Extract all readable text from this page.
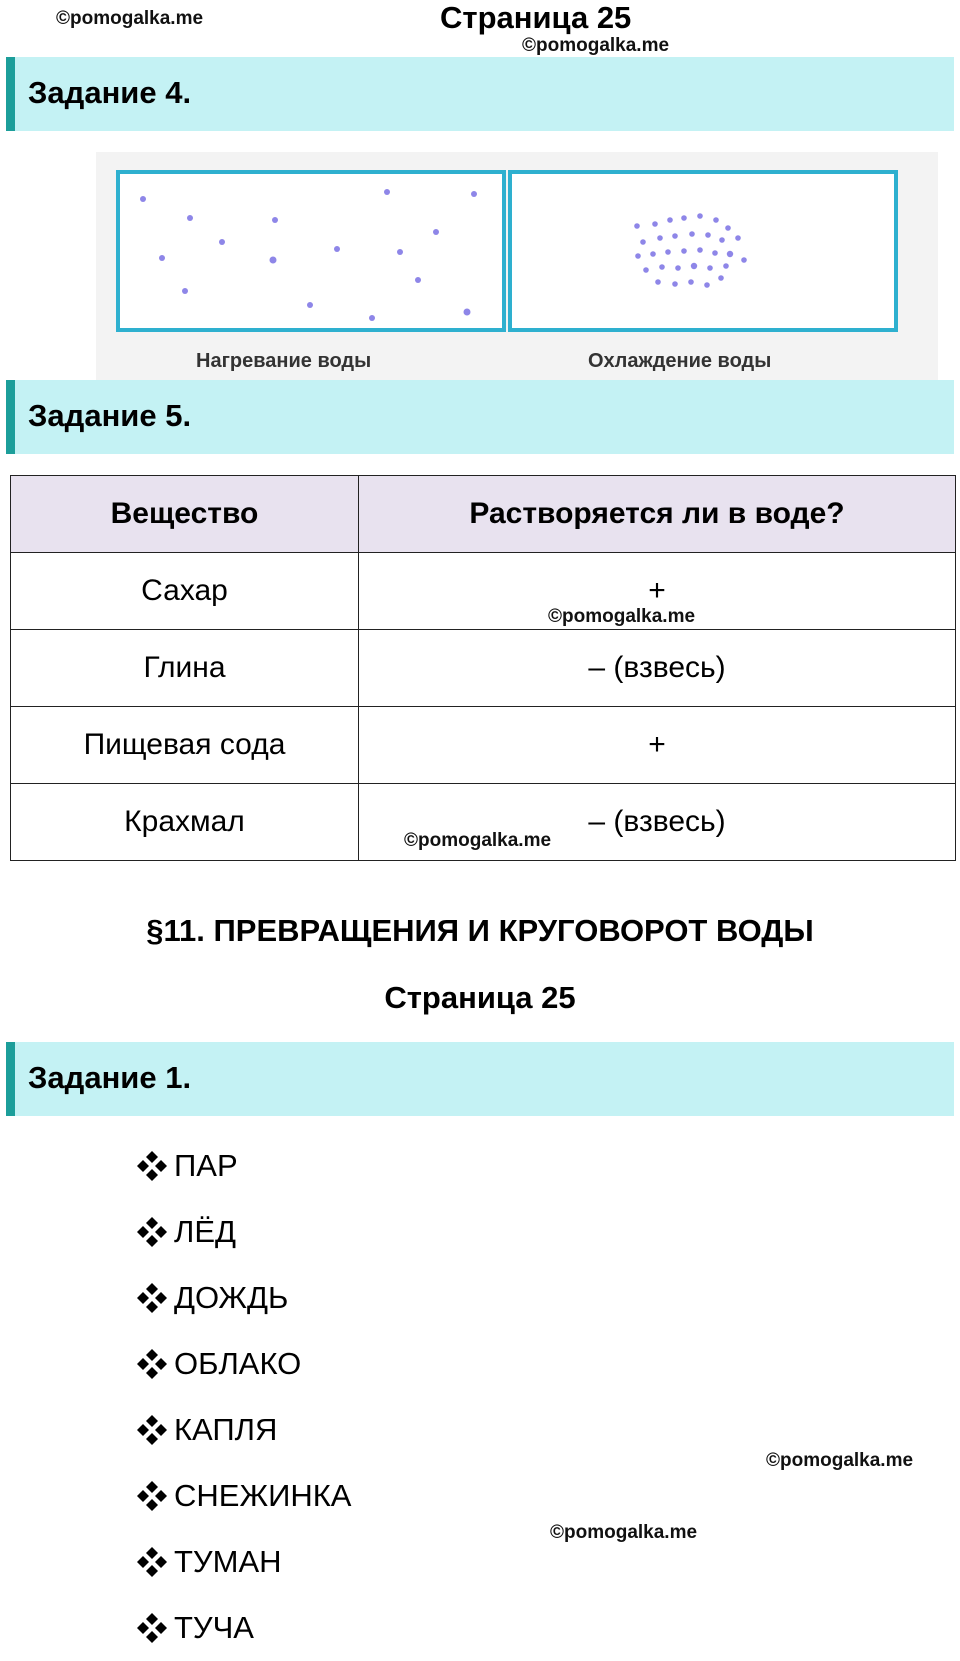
©pomogalka.me	Страница 25
©pomogalka.me
Задание 4.
Нагревание воды	Охлаждение воды
Задание 5.
Вещество	Растворяется ли в воде?
Сахар	+
Глина	– (взвесь)
Пищевая сода	+
Крахмал	– (взвесь)
©pomogalka.me
©pomogalka.me
§11. ПРЕВРАЩЕНИЯ И КРУГОВОРОТ ВОДЫ
Страница 25
Задание 1.
ПАР
ЛЁД
ДОЖДЬ
ОБЛАКО
КАПЛЯ
СНЕЖИНКА
ТУМАН
ТУЧА
©pomogalka.me
©pomogalka.me
